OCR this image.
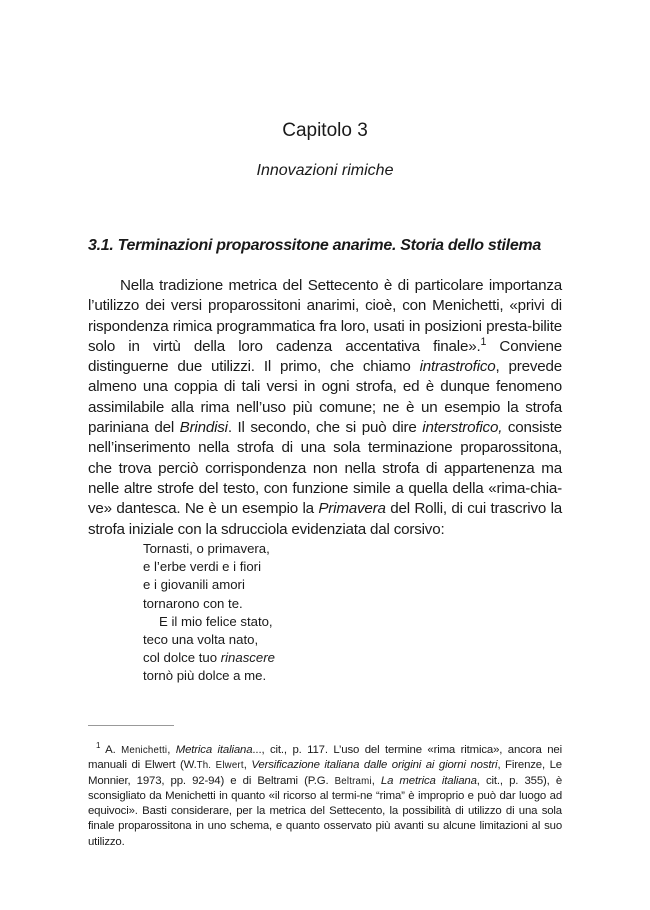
Capitolo 3
Innovazioni rimiche
3.1. Terminazioni proparossitone anarime. Storia dello stilema

Nella tradizione metrica del Settecento è di particolare importanza l’utilizzo dei versi proparossitoni anarimi, cioè, con Menichetti, «privi di rispondenza rimica programmatica fra loro, usati in posizioni presta-bilite solo in virtù della loro cadenza accentativa finale».$^1$ Conviene distinguerne due utilizzi. Il primo, che chiamo intrastrofico, prevede almeno una coppia di tali versi in ogni strofa, ed è dunque fenomeno assimilabile alla rima nell’uso più comune; ne è un esempio la strofa pariniana del Brindisi. Il secondo, che si può dire interstrofico, consiste nell’inserimento nella strofa di una sola terminazione proparossitona, che trova perciò corrispondenza non nella strofa di appartenenza ma nelle altre strofe del testo, con funzione simile a quella della «rima-chia-ve» dantesca. Ne è un esempio la Primavera del Rolli, di cui trascrivo la strofa iniziale con la sdrucciola evidenziata dal corsivo:

Tornasti, o primavera,
e l’erbe verdi e i fiori
e i giovanili amori
tornarono con te.
E il mio felice stato,
teco una volta nato,
col dolce tuo rinascere
tornò più dolce a me.

$^1$ A. Menichetti, Metrica italiana..., cit., p. 117. L’uso del termine «rima ritmica», ancora nei manuali di Elwert (W.Th. Elwert, Versificazione italiana dalle origini ai giorni nostri, Firenze, Le Monnier, 1973, pp. 92-94) e di Beltrami (P.G. Beltrami, La metrica italiana, cit., p. 355), è sconsigliato da Menichetti in quanto «il ricorso al termi-ne “rima” è improprio e può dar luogo ad equivoci». Basti considerare, per la metrica del Settecento, la possibilità di utilizzo di una sola finale proparossitona in uno schema, e quanto osservato più avanti su alcune limitazioni al suo utilizzo.
